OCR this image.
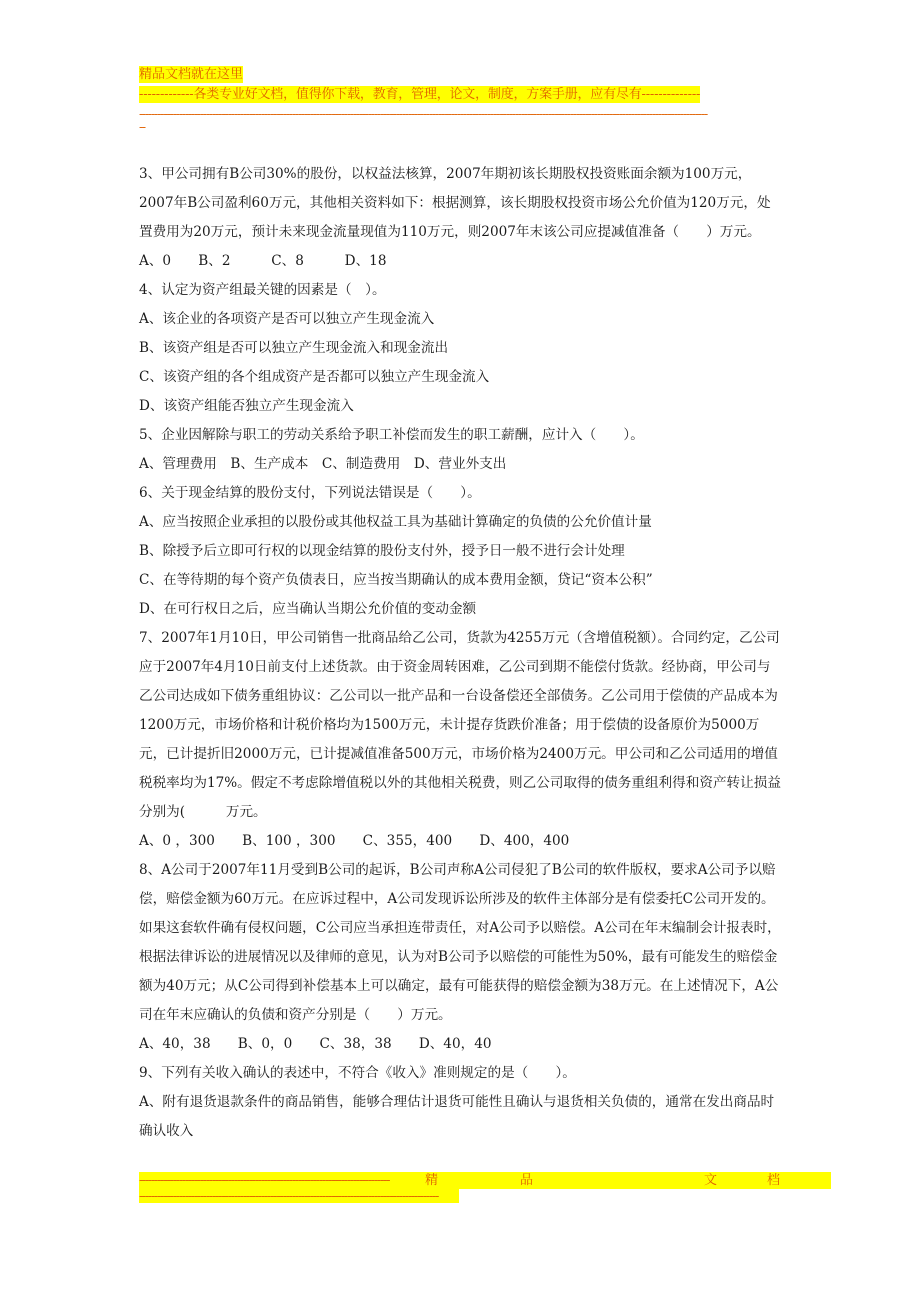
精品文档就在这里
-------------各类专业好文档，值得你下载，教育，管理，论文，制度，方案手册，应有尽有--------------
------------------------------------------------------------------------------------------------------------------------------------------------------------------------------------------
--

3、甲公司拥有B公司30%的股份，以权益法核算，2007年期初该长期股权投资账面余额为100万元，2007年B公司盈利60万元，其他相关资料如下：根据测算，该长期股权投资市场公允价值为120万元，处置费用为20万元，预计未来现金流量现值为110万元，则2007年末该公司应提减值准备（　　）万元。

A、0　　B、2　　　C、8　　　D、18

4、认定为资产组最关键的因素是（　）。

A、该企业的各项资产是否可以独立产生现金流入

B、该资产组是否可以独立产生现金流入和现金流出

C、该资产组的各个组成资产是否都可以独立产生现金流入

D、该资产组能否独立产生现金流入

5、企业因解除与职工的劳动关系给予职工补偿而发生的职工薪酬，应计入（　　）。

A、管理费用　B、生产成本　C、制造费用　D、营业外支出

6、关于现金结算的股份支付，下列说法错误是（　　）。

A、应当按照企业承担的以股份或其他权益工具为基础计算确定的负债的公允价值计量

B、除授予后立即可行权的以现金结算的股份支付外，授予日一般不进行会计处理

C、在等待期的每个资产负债表日，应当按当期确认的成本费用金额，贷记“资本公积”

D、在可行权日之后，应当确认当期公允价值的变动金额

7、2007年1月10日，甲公司销售一批商品给乙公司，货款为4255万元（含增值税额）。合同约定，乙公司应于2007年4月10日前支付上述货款。由于资金周转困难，乙公司到期不能偿付货款。经协商，甲公司与乙公司达成如下债务重组协议：乙公司以一批产品和一台设备偿还全部债务。乙公司用于偿债的产品成本为1200万元，市场价格和计税价格均为1500万元，未计提存货跌价准备；用于偿债的设备原价为5000万元，已计提折旧2000万元，已计提减值准备500万元，市场价格为2400万元。甲公司和乙公司适用的增值税税率均为17%。假定不考虑除增值税以外的其他相关税费，则乙公司取得的债务重组利得和资产转让损益分别为(　　　万元。

A、0 ，300　　B、100 ，300　　C、355，400　　D、400，400

8、A公司于2007年11月受到B公司的起诉，B公司声称A公司侵犯了B公司的软件版权，要求A公司予以赔偿，赔偿金额为60万元。在应诉过程中，A公司发现诉讼所涉及的软件主体部分是有偿委托C公司开发的。如果这套软件确有侵权问题，C公司应当承担连带责任，对A公司予以赔偿。A公司在年末编制会计报表时，根据法律诉讼的进展情况以及律师的意见，认为对B公司予以赔偿的可能性为50%，最有可能发生的赔偿金额为40万元；从C公司得到补偿基本上可以确定，最有可能获得的赔偿金额为38万元。在上述情况下，A公司在年末应确认的负债和资产分别是（　　）万元。

A、40，38　　B、0，0　　C、38，38　　D、40，40

9、下列有关收入确认的表述中，不符合《收入》准则规定的是（　　）。

A、附有退货退款条件的商品销售，能够合理估计退货可能性且确认与退货相关负债的，通常在发出商品时确认收入

----------------------------------------------------------------------------------	精	品	文	档
--------------------------------------------------------------------------------------------------
